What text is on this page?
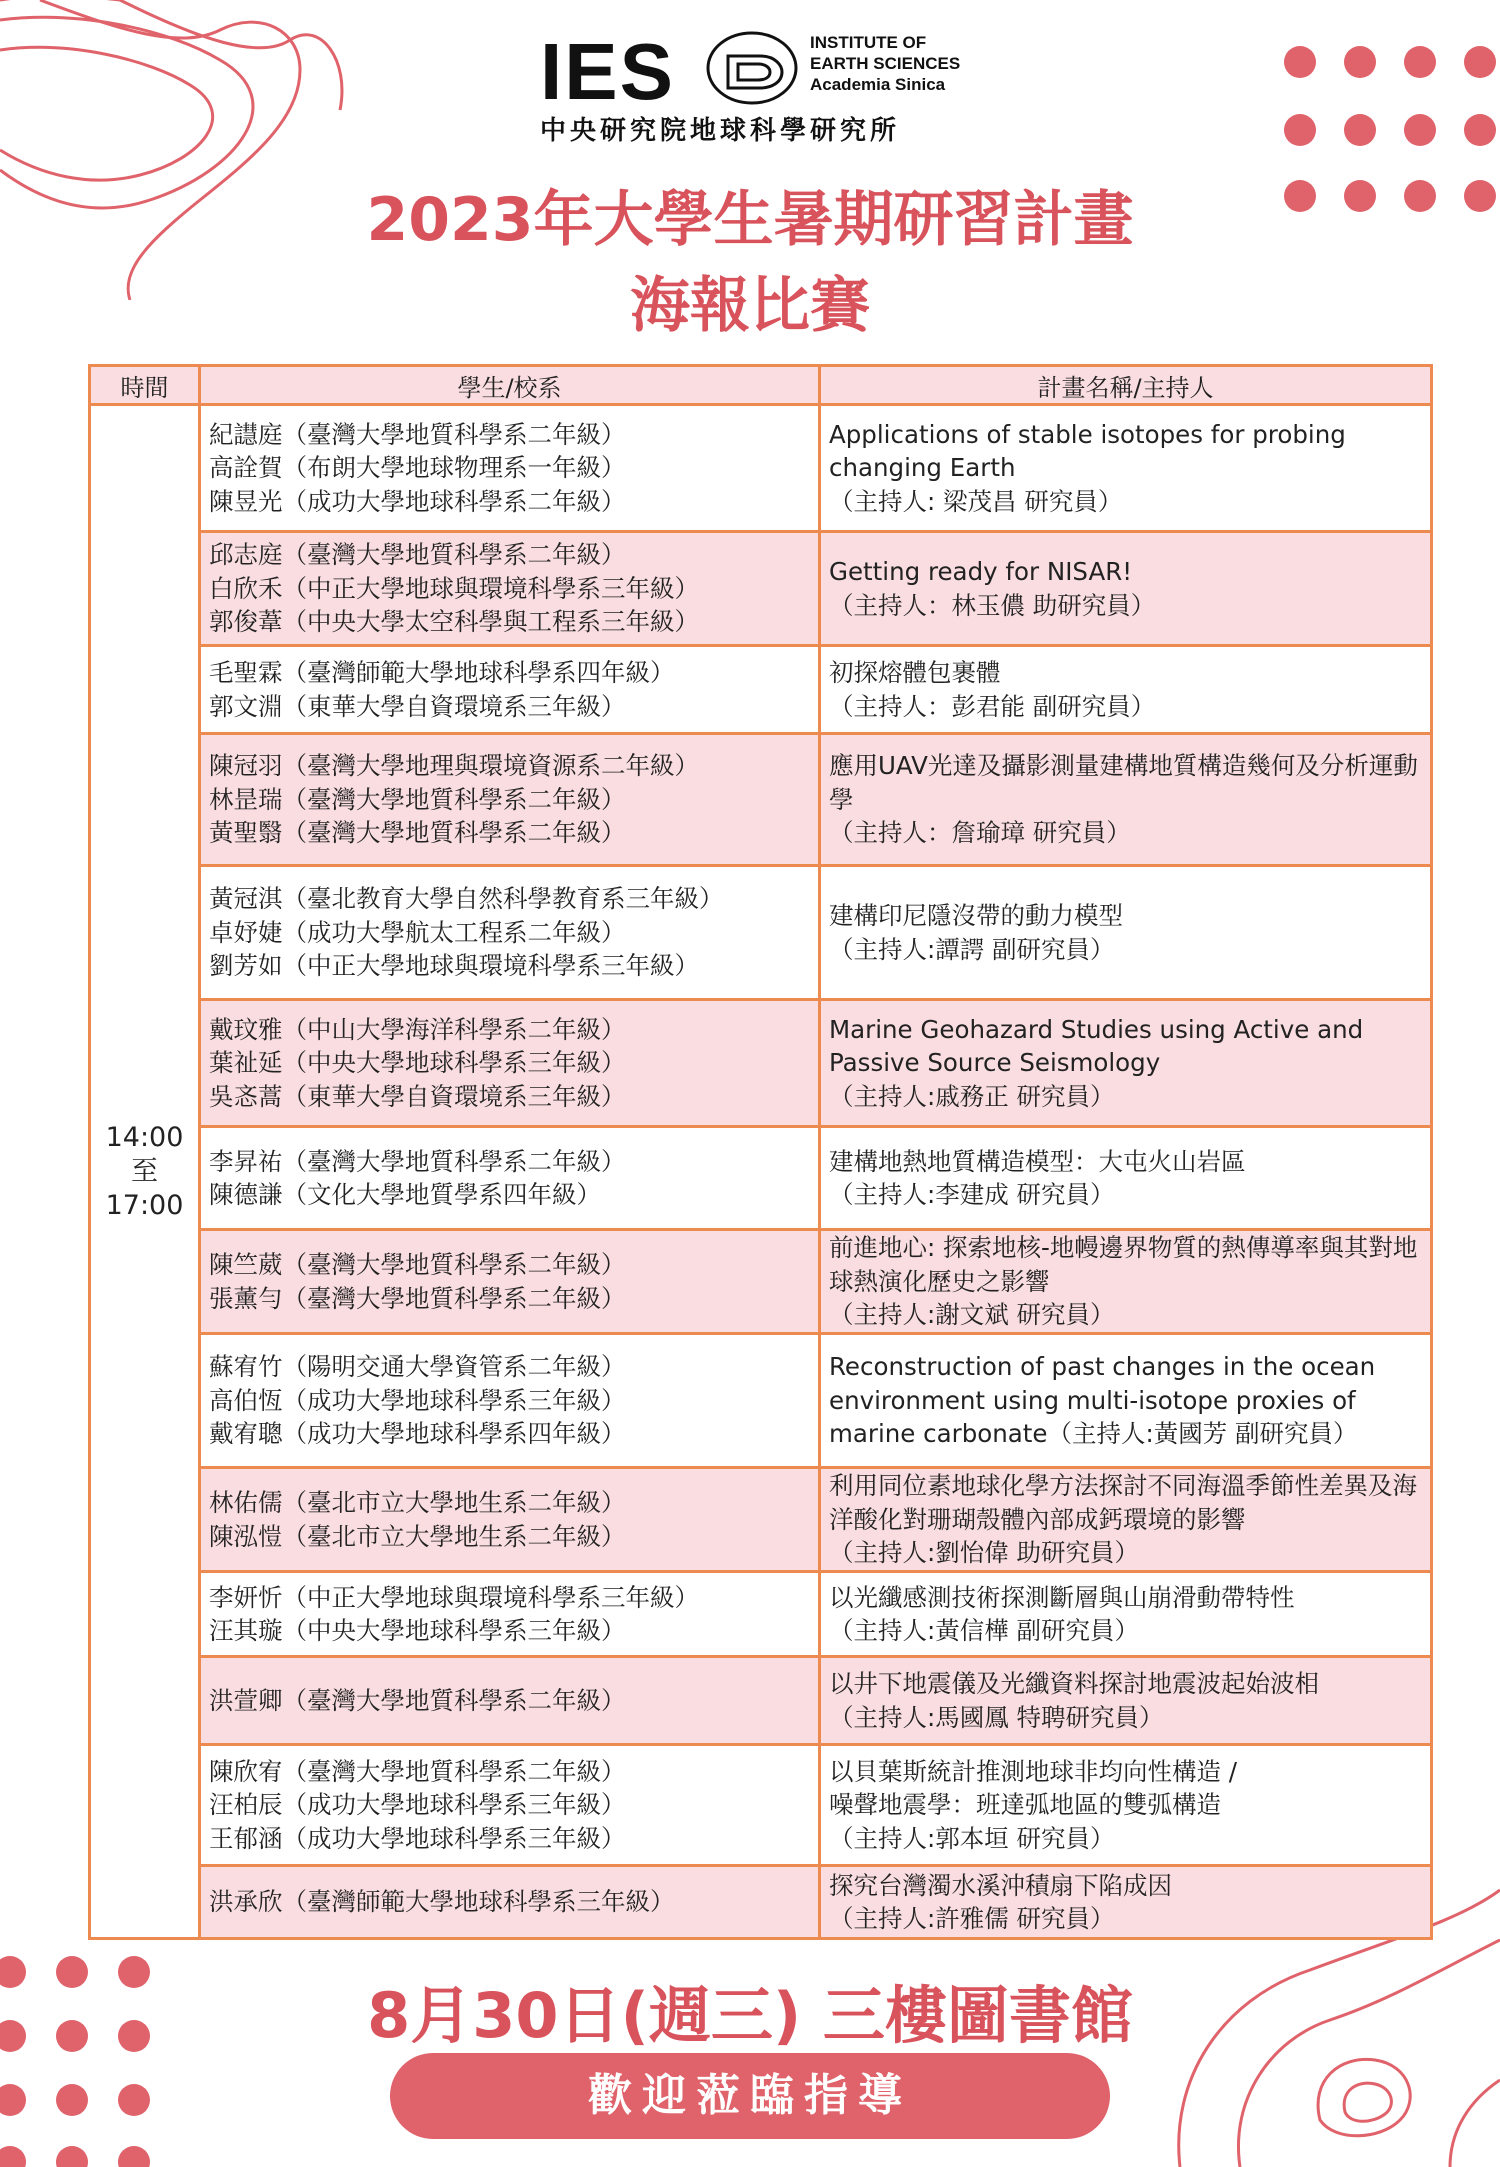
IES	INSTITUTE OF
EARTH SCIENCES
Academia Sinica
中央研究院地球科學研究所
2023年大學生暑期研習計畫
海報比賽
時間	學生/校系	計畫名稱/主持人

14:00
至
17:00	紀譿庭（臺灣大學地質科學系二年級）
高詮賀（布朗大學地球物理系一年級）
陳昱光（成功大學地球科學系二年級）	Applications of stable isotopes for probing changing Earth
（主持人: 梁茂昌 研究員）

	邱志庭（臺灣大學地質科學系二年級）
白欣禾（中正大學地球與環境科學系三年級）
郭俊葦（中央大學太空科學與工程系三年級）	Getting ready for NISAR!
（主持人：林玉儂 助研究員）

	毛聖霖（臺灣師範大學地球科學系四年級）
郭文淵（東華大學自資環境系三年級）	初探熔體包裹體
（主持人：彭君能 副研究員）

	陳冠羽（臺灣大學地理與環境資源系二年級）
林昰瑞（臺灣大學地質科學系二年級）
黃聖翳（臺灣大學地質科學系二年級）	應用UAV光達及攝影測量建構地質構造幾何及分析運動學
（主持人：詹瑜璋 研究員）

	黃冠淇（臺北教育大學自然科學教育系三年級）
卓妤婕（成功大學航太工程系二年級）
劉芳如（中正大學地球與環境科學系三年級）	建構印尼隱沒帶的動力模型
（主持人:譚諤 副研究員）

	戴玟雅（中山大學海洋科學系二年級）
葉祉延（中央大學地球科學系三年級）
吳忞蒿（東華大學自資環境系三年級）	Marine Geohazard Studies using Active and Passive Source Seismology
（主持人:戚務正 研究員）

	李昇祐（臺灣大學地質科學系二年級）
陳德謙（文化大學地質學系四年級）	建構地熱地質構造模型：大屯火山岩區
（主持人:李建成 研究員）

	陳竺葳（臺灣大學地質科學系二年級）
張薰勻（臺灣大學地質科學系二年級）	前進地心: 探索地核-地幔邊界物質的熱傳導率與其對地球熱演化歷史之影響
（主持人:謝文斌 研究員）

	蘇宥竹（陽明交通大學資管系二年級）
高伯恆（成功大學地球科學系三年級）
戴宥聰（成功大學地球科學系四年級）	Reconstruction of past changes in the ocean environment using multi-isotope proxies of marine carbonate（主持人:黃國芳 副研究員）

	林佑儒（臺北市立大學地生系二年級）
陳泓愷（臺北市立大學地生系二年級）	利用同位素地球化學方法探討不同海溫季節性差異及海洋酸化對珊瑚殼體內部成鈣環境的影響
（主持人:劉怡偉 助研究員）

	李妍忻（中正大學地球與環境科學系三年級）
汪其璇（中央大學地球科學系三年級）	以光纖感測技術探測斷層與山崩滑動帶特性
（主持人:黃信樺 副研究員）

	洪萱卿（臺灣大學地質科學系二年級）	以井下地震儀及光纖資料探討地震波起始波相
（主持人:馬國鳳 特聘研究員）

	陳欣宥（臺灣大學地質科學系二年級）
汪柏辰（成功大學地球科學系三年級）
王郁涵（成功大學地球科學系三年級）	以貝葉斯統計推測地球非均向性構造 /
噪聲地震學：班達弧地區的雙弧構造
（主持人:郭本垣 研究員）

	洪承欣（臺灣師範大學地球科學系三年級）	探究台灣濁水溪沖積扇下陷成因
（主持人:許雅儒 研究員）
8月30日(週三) 三樓圖書館
歡迎蒞臨指導
